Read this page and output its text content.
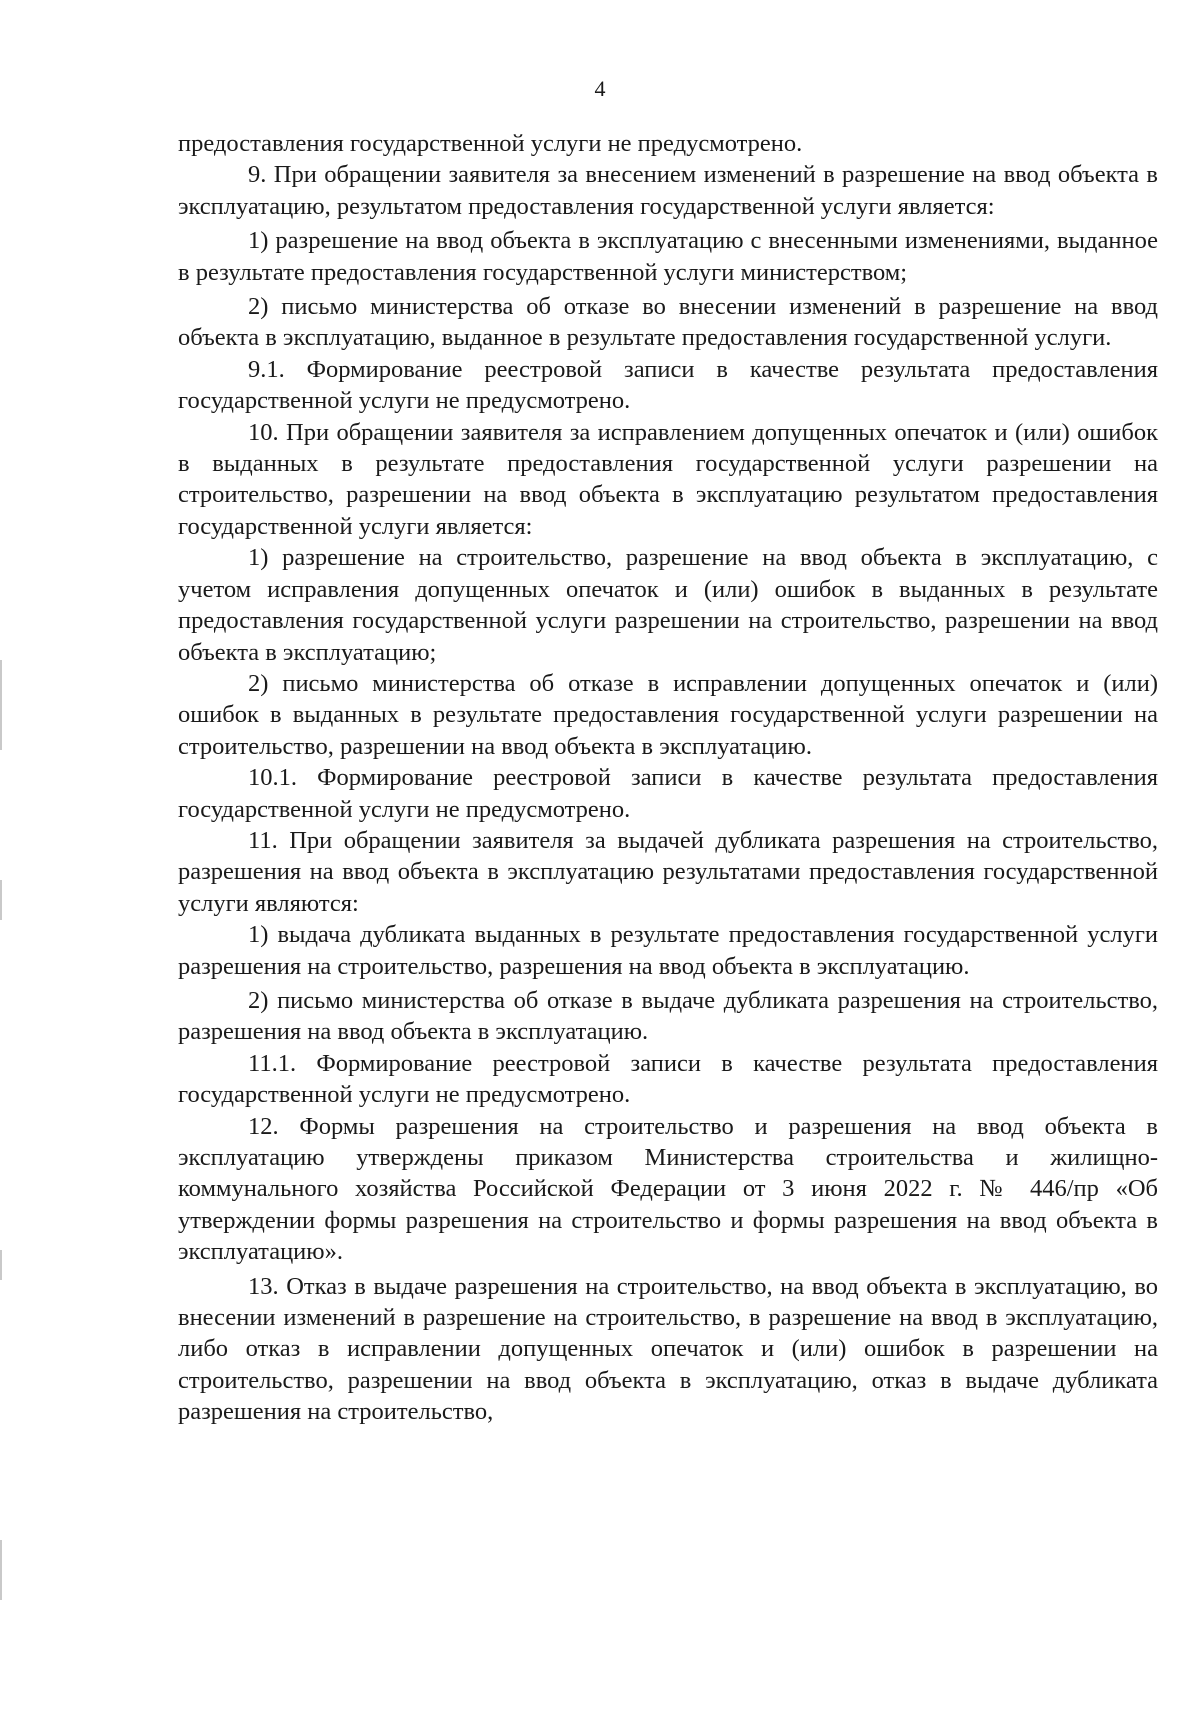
4

предоставления государственной услуги не предусмотрено.

9. При обращении заявителя за внесением изменений в разрешение на ввод объекта в эксплуатацию, результатом предоставления государственной услуги является:

1) разрешение на ввод объекта в эксплуатацию с внесенными изменениями, выданное в результате предоставления государственной услуги министерством;

2) письмо министерства об отказе во внесении изменений в разрешение на ввод объекта в эксплуатацию, выданное в результате предоставления государственной услуги.

9.1. Формирование реестровой записи в качестве результата предоставления государственной услуги не предусмотрено.

10. При обращении заявителя за исправлением допущенных опечаток и (или) ошибок в выданных в результате предоставления государственной услуги разрешении на строительство, разрешении на ввод объекта в эксплуатацию результатом предоставления государственной услуги является:

1) разрешение на строительство, разрешение на ввод объекта в эксплуатацию, с учетом исправления допущенных опечаток и (или) ошибок в выданных в результате предоставления государственной услуги разрешении на строительство, разрешении на ввод объекта в эксплуатацию;

2) письмо министерства об отказе в исправлении допущенных опечаток и (или) ошибок в выданных в результате предоставления государственной услуги разрешении на строительство, разрешении на ввод объекта в эксплуатацию.

10.1. Формирование реестровой записи в качестве результата предоставления государственной услуги не предусмотрено.

11. При обращении заявителя за выдачей дубликата разрешения на строительство, разрешения на ввод объекта в эксплуатацию результатами предоставления государственной услуги являются:

1) выдача дубликата выданных в результате предоставления государственной услуги разрешения на строительство, разрешения на ввод объекта в эксплуатацию.

2) письмо министерства об отказе в выдаче дубликата разрешения на строительство, разрешения на ввод объекта в эксплуатацию.

11.1. Формирование реестровой записи в качестве результата предоставления государственной услуги не предусмотрено.

12. Формы разрешения на строительство и разрешения на ввод объекта в эксплуатацию утверждены приказом Министерства строительства и жилищно-коммунального хозяйства Российской Федерации от 3 июня 2022 г. № 446/пр «Об утверждении формы разрешения на строительство и формы разрешения на ввод объекта в эксплуатацию».

13. Отказ в выдаче разрешения на строительство, на ввод объекта в эксплуатацию, во внесении изменений в разрешение на строительство, в разрешение на ввод в эксплуатацию, либо отказ в исправлении допущенных опечаток и (или) ошибок в разрешении на строительство, разрешении на ввод объекта в эксплуатацию, отказ в выдаче дубликата разрешения на строительство,
